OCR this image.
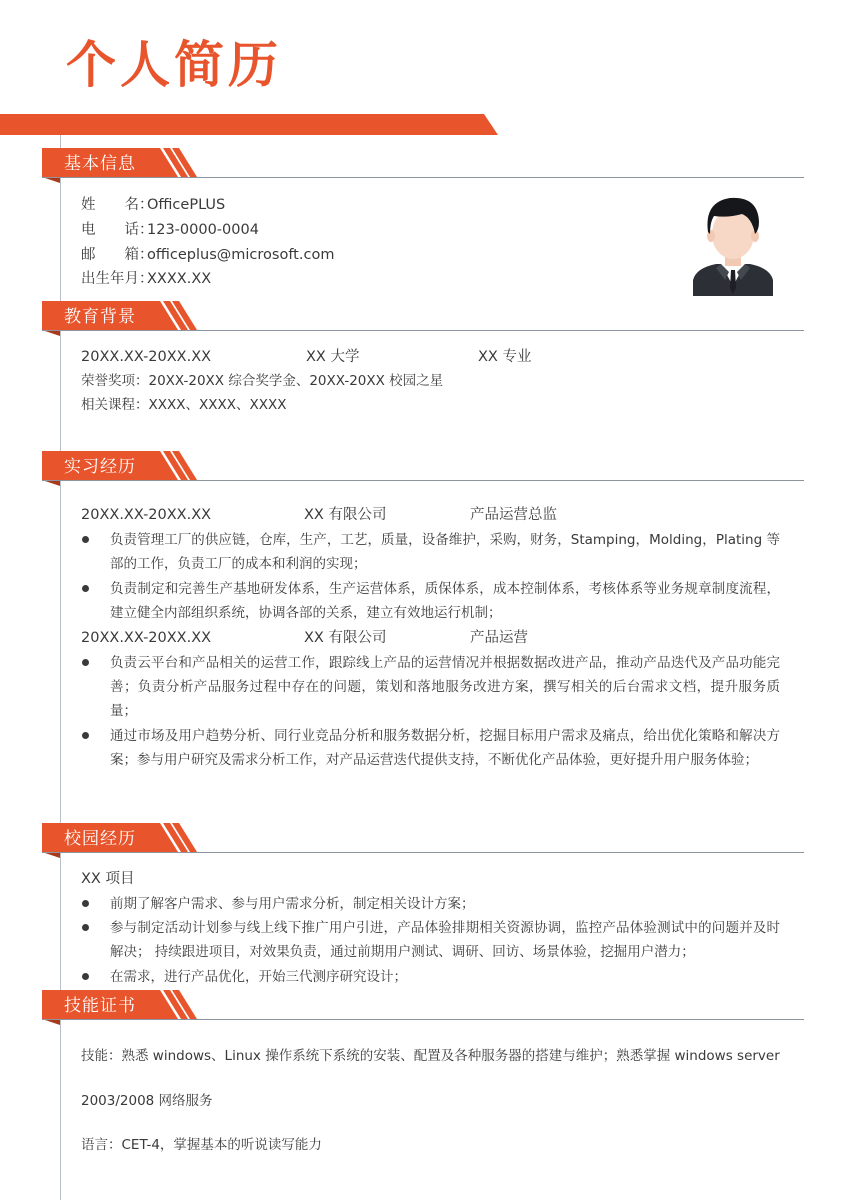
个人简历
基本信息
姓　　名：OfficePLUS
电　　话：123-0000-0004
邮　　箱：officeplus@microsoft.com
出生年月：XXXX.XX
教育背景
20XX.XX-20XX.XX	XX 大学	XX 专业
荣誉奖项：20XX-20XX 综合奖学金、20XX-20XX 校园之星
相关课程：XXXX、XXXX、XXXX
实习经历
20XX.XX-20XX.XX	XX 有限公司	产品运营总监
负责管理工厂的供应链，仓库，生产，工艺，质量，设备维护，采购，财务，Stamping，Molding，Plating 等部的工作，负责工厂的成本和利润的实现；
负责制定和完善生产基地研发体系，生产运营体系，质保体系，成本控制体系，考核体系等业务规章制度流程，建立健全内部组织系统，协调各部的关系，建立有效地运行机制；
20XX.XX-20XX.XX	XX 有限公司	产品运营
负责云平台和产品相关的运营工作，跟踪线上产品的运营情况并根据数据改进产品，推动产品迭代及产品功能完善；负责分析产品服务过程中存在的问题，策划和落地服务改进方案，撰写相关的后台需求文档，提升服务质量；
通过市场及用户趋势分析、同行业竞品分析和服务数据分析，挖掘目标用户需求及痛点，给出优化策略和解决方案；参与用户研究及需求分析工作，对产品运营迭代提供支持，不断优化产品体验，更好提升用户服务体验；
校园经历
XX 项目
前期了解客户需求、参与用户需求分析，制定相关设计方案；
参与制定活动计划参与线上线下推广用户引进，产品体验排期相关资源协调，监控产品体验测试中的问题并及时解决； 持续跟进项目，对效果负责，通过前期用户测试、调研、回访、场景体验，挖掘用户潜力；
在需求，进行产品优化，开始三代测序研究设计；
技能证书
技能：熟悉 windows、Linux 操作系统下系统的安装、配置及各种服务器的搭建与维护；熟悉掌握 windows server
2003/2008 网络服务
语言：CET-4，掌握基本的听说读写能力
